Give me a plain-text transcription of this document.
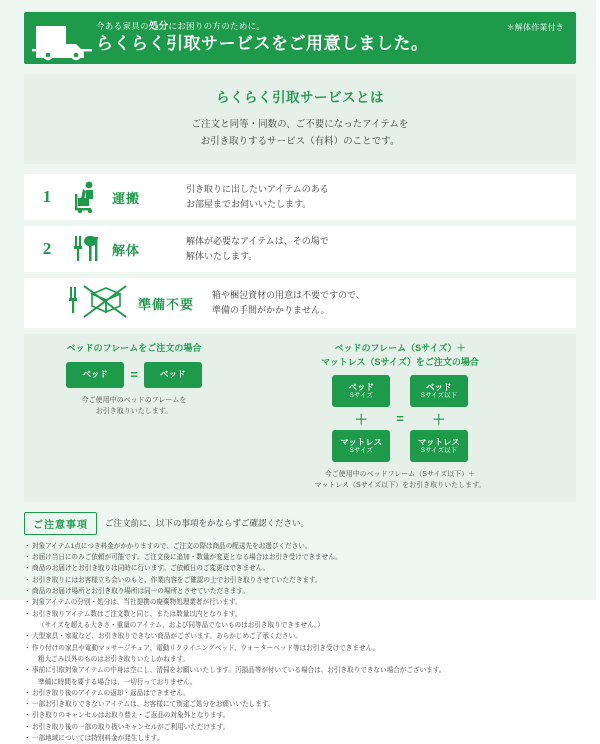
今ある家具の処分にお困りの方のために。
らくらく引取サービスをご用意しました。
＊解体作業付き
らくらく引取サービスとは

ご注文と同等・同数の、ご不要になったアイテムを

お引き取りするサービス（有料）のことです。

1	運搬
引き取りに出したいアイテムのある
お部屋までお伺いいたします。
2	解体
解体が必要なアイテムは、その場で
解体いたします。
準備不要
箱や梱包資材の用意は不要ですので、
準備の手間がかかりません。
ベッドのフレームをご注文の場合
ベッド =	ベッド
今ご使用中のベッドのフレームを
お引き取りいたします。
ベッドのフレーム（Sサイズ）＋
マットレス（Sサイズ）をご注文の場合
ベッド
Sサイズ
＋
マットレス
Sサイズ
=
ベッド
Sサイズ以下
＋
マットレス
Sサイズ以下
今ご使用中のベッドフレーム（Sサイズ以下）＋
マットレス（Sサイズ以下）をお引き取りいたします。
ご注意事項	ご注文前に、以下の事項をかならずご確認ください。
・ 対象アイテム1点につき料金がかかりますので、ご注文の際は商品の配送先をお選びください。
・ お届け当日にのみご依頼が可能です。ご注文後に追加・数量が変更となる場合はお引き受けできません。
・ 商品のお届けとお引き取りは同時に行います。ご依頼日のご変更はできません。
・ お引き取りにはお客様立ち会いのもと、作業内容をご確認の上でお引き取りさせていただきます。
・ 商品のお届け場所とお引き取り場所は同一の場所とさせていただきます。
・ 対象アイテムの分別・処分は、当社提携の廃棄物処理業者が行います。
・ お引き取りアイテム数はご注文数と同じ、または数量以内となります。
（サイズを超える大きさ・重量のアイテム、および同等品でないものはお引き取りできません。）
・ 大型家具・家電など、お引き取りできない商品がございます。あらかじめご了承ください。
・ 作り付けの家具や電動マッサージチェア、電動リクライニングベッド、ウォーターベッド等はお引き受けできません。
粗大ごみ以外のものはお引き取りいたしかねます。
・ 事前に引取対象アイテムの中身は空にし、清掃をお願いいたします。汚損品等が付いている場合は、お引き取りできない場合がございます。
準備に時間を要する場合は、一切行っておりません。
・ お引き取り後のアイテムの返却・返品はできません。
・ 一部お引き取りできないアイテムは、お客様にて別途ご処分をお願いいたします。
・ 引き取りのキャンセルはお取り替え・ご返品の対象外となります。
・ お引き取り後の一部の取り扱いキャンセルがご利用いただけます。
・ 一部地域については特別料金が発生します。
